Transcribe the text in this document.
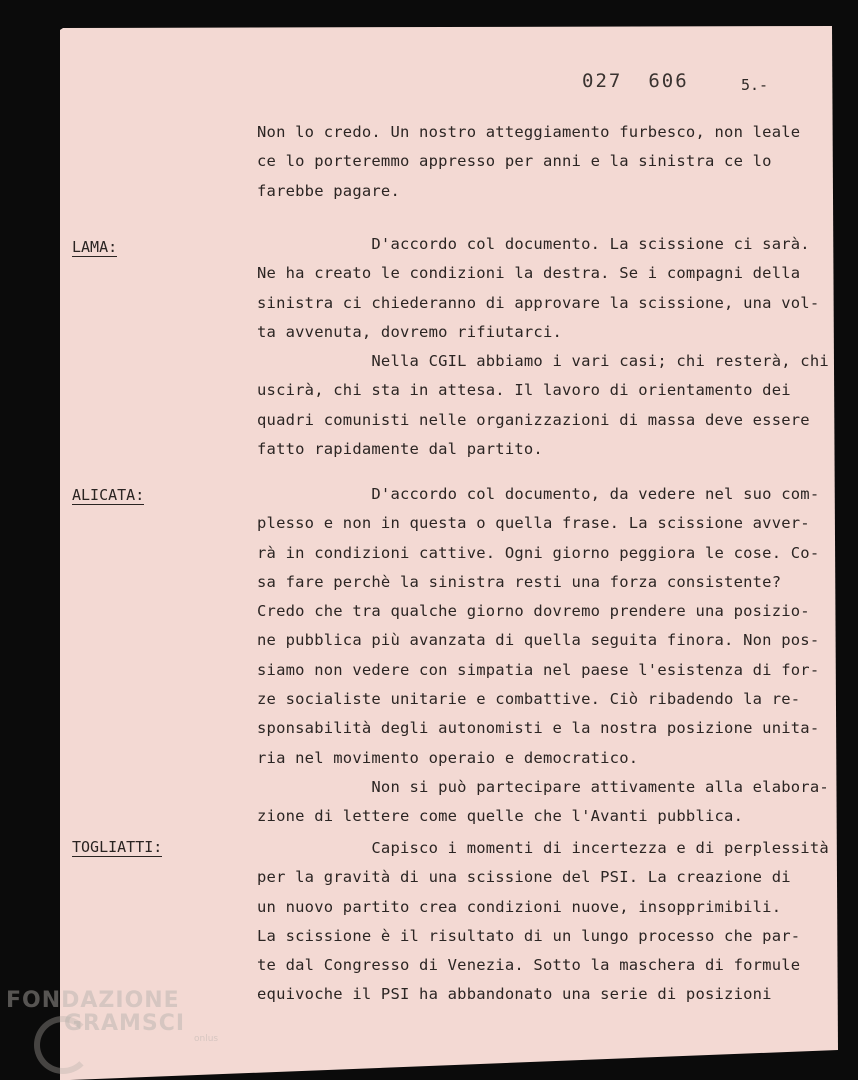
027 606	5.-
Non lo credo. Un nostro atteggiamento furbesco, non leale
ce lo porteremmo appresso per anni e la sinistra ce lo
farebbe pagare.
LAMA:	D'accordo col documento. La scissione ci sarà.
Ne ha creato le condizioni la destra. Se i compagni della
sinistra ci chiederanno di approvare la scissione, una vol-
ta avvenuta, dovremo rifiutarci.
Nella CGIL abbiamo i vari casi; chi resterà, chi
uscirà, chi sta in attesa. Il lavoro di orientamento dei
quadri comunisti nelle organizzazioni di massa deve essere
fatto rapidamente dal partito.
ALICATA:	D'accordo col documento, da vedere nel suo com-
plesso e non in questa o quella frase. La scissione avver-
rà in condizioni cattive. Ogni giorno peggiora le cose. Co-
sa fare perchè la sinistra resti una forza consistente?
Credo che tra qualche giorno dovremo prendere una posizio-
ne pubblica più avanzata di quella seguita finora. Non pos-
siamo non vedere con simpatia nel paese l'esistenza di for-
ze socialiste unitarie e combattive. Ciò ribadendo la re-
sponsabilità degli autonomisti e la nostra posizione unita-
ria nel movimento operaio e democratico.
Non si può partecipare attivamente alla elabora-
zione di lettere come quelle che l'Avanti pubblica.
TOGLIATTI:	Capisco i momenti di incertezza e di perplessità
per la gravità di una scissione del PSI. La creazione di
un nuovo partito crea condizioni nuove, insopprimibili.
La scissione è il risultato di un lungo processo che par-
te dal Congresso di Venezia. Sotto la maschera di formule
equivoche il PSI ha abbandonato una serie di posizioni
FONDAZIONE
GRAMSCI
onlus
